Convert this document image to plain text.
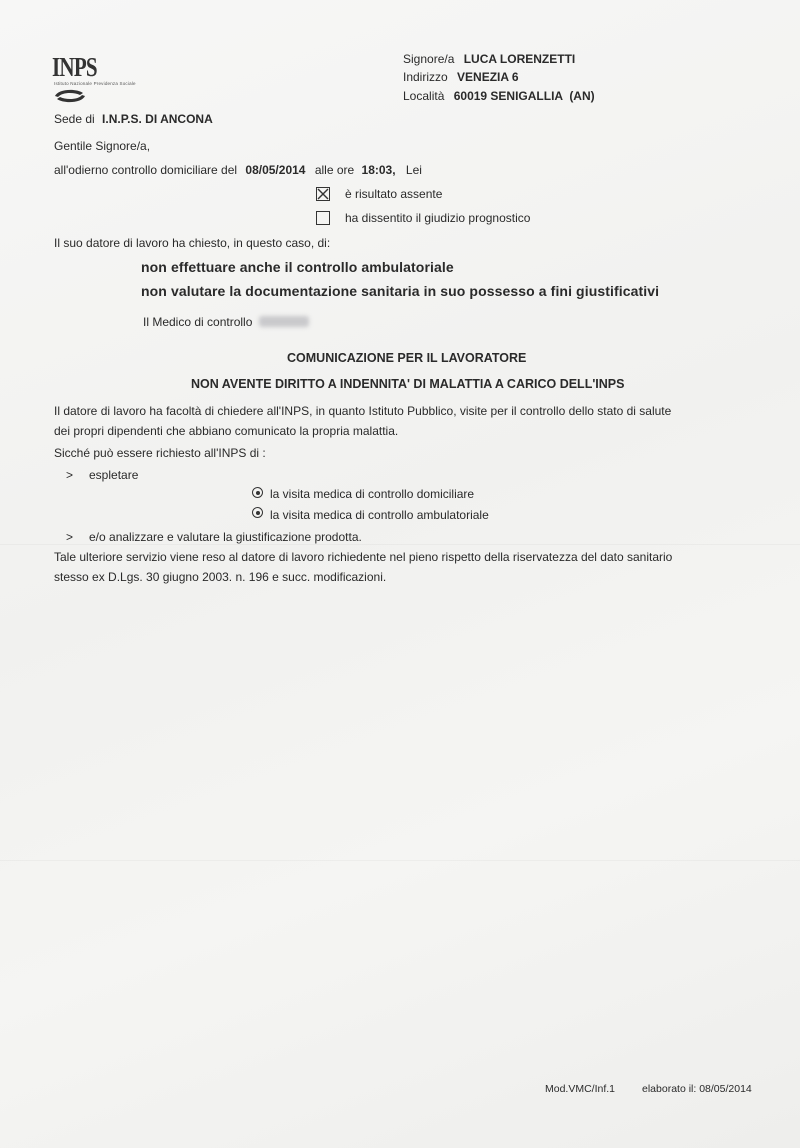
INPS
Istituto Nazionale Previdenza Sociale
Signore/a LUCA LORENZETTI
Indirizzo VENEZIA 6
Località 60019 SENIGALLIA  (AN)
Sede di I.N.P.S. DI ANCONA
Gentile Signore/a,
all'odierno controllo domiciliare del 08/05/2014 alle ore 18:03, Lei
è risultato assente
ha dissentito il giudizio prognostico
Il suo datore di lavoro ha chiesto, in questo caso, di:
non effettuare anche il controllo ambulatoriale
non valutare la documentazione sanitaria in suo possesso a fini giustificativi
Il Medico di controllo
COMUNICAZIONE PER IL LAVORATORE
NON AVENTE DIRITTO A INDENNITA' DI MALATTIA A CARICO DELL'INPS
Il datore di lavoro ha facoltà di chiedere all'INPS, in quanto Istituto Pubblico, visite per il controllo dello stato di salute
dei propri dipendenti che abbiano comunicato la propria malattia.
Sicché può essere richiesto all'INPS di :
> espletare
la visita medica di controllo domiciliare
la visita medica di controllo ambulatoriale
> e/o analizzare e valutare la giustificazione prodotta.
Tale ulteriore servizio viene reso al datore di lavoro richiedente nel pieno rispetto della riservatezza del dato sanitario
stesso ex D.Lgs. 30 giugno 2003. n. 196 e succ. modificazioni.
Mod.VMC/Inf.1	elaborato il: 08/05/2014
